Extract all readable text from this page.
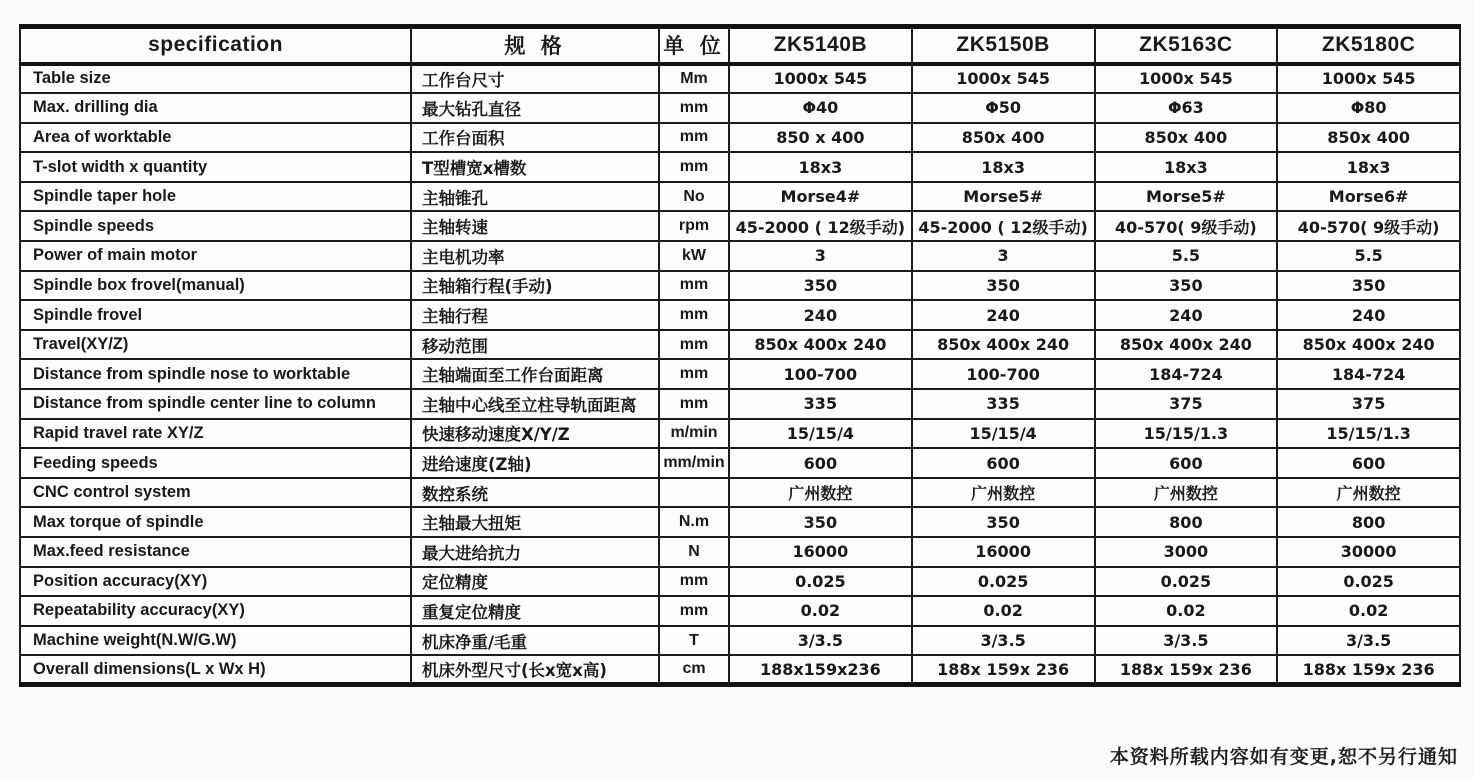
specification	规 格	单 位	ZK5140B	ZK5150B	ZK5163C	ZK5180C
Table size	工作台尺寸	Mm	1000x 545	1000x 545	1000x 545	1000x 545
Max. drilling dia	最大钻孔直径	mm	Φ40	Φ50	Φ63	Φ80
Area of worktable	工作台面积	mm	850 x 400	850x 400	850x 400	850x 400
T-slot width x quantity	T型槽宽x槽数	mm	18x3	18x3	18x3	18x3
Spindle taper hole	主轴锥孔	No	Morse4#	Morse5#	Morse5#	Morse6#
Spindle speeds	主轴转速	rpm	45-2000 ( 12级手动)	45-2000 ( 12级手动)	40-570( 9级手动)	40-570( 9级手动)
Power of main motor	主电机功率	kW	3	3	5.5	5.5
Spindle box frovel(manual)	主轴箱行程(手动)	mm	350	350	350	350
Spindle frovel	主轴行程	mm	240	240	240	240
Travel(XY/Z)	移动范围	mm	850x 400x 240	850x 400x 240	850x 400x 240	850x 400x 240
Distance from spindle nose to worktable	主轴端面至工作台面距离	mm	100-700	100-700	184-724	184-724
Distance from spindle center line to column	主轴中心线至立柱导轨面距离	mm	335	335	375	375
Rapid travel rate XY/Z	快速移动速度X/Y/Z	m/min	15/15/4	15/15/4	15/15/1.3	15/15/1.3
Feeding speeds	进给速度(Z轴)	mm/min	600	600	600	600
CNC control system	数控系统		广州数控	广州数控	广州数控	广州数控
Max torque of spindle	主轴最大扭矩	N.m	350	350	800	800
Max.feed resistance	最大进给抗力	N	16000	16000	3000	30000
Position accuracy(XY)	定位精度	mm	0.025	0.025	0.025	0.025
Repeatability accuracy(XY)	重复定位精度	mm	0.02	0.02	0.02	0.02
Machine weight(N.W/G.W)	机床净重/毛重	T	3/3.5	3/3.5	3/3.5	3/3.5
Overall dimensions(L x Wx H)	机床外型尺寸(长x宽x高)	cm	188x159x236	188x 159x 236	188x 159x 236	188x 159x 236
本资料所载内容如有变更,恕不另行通知
